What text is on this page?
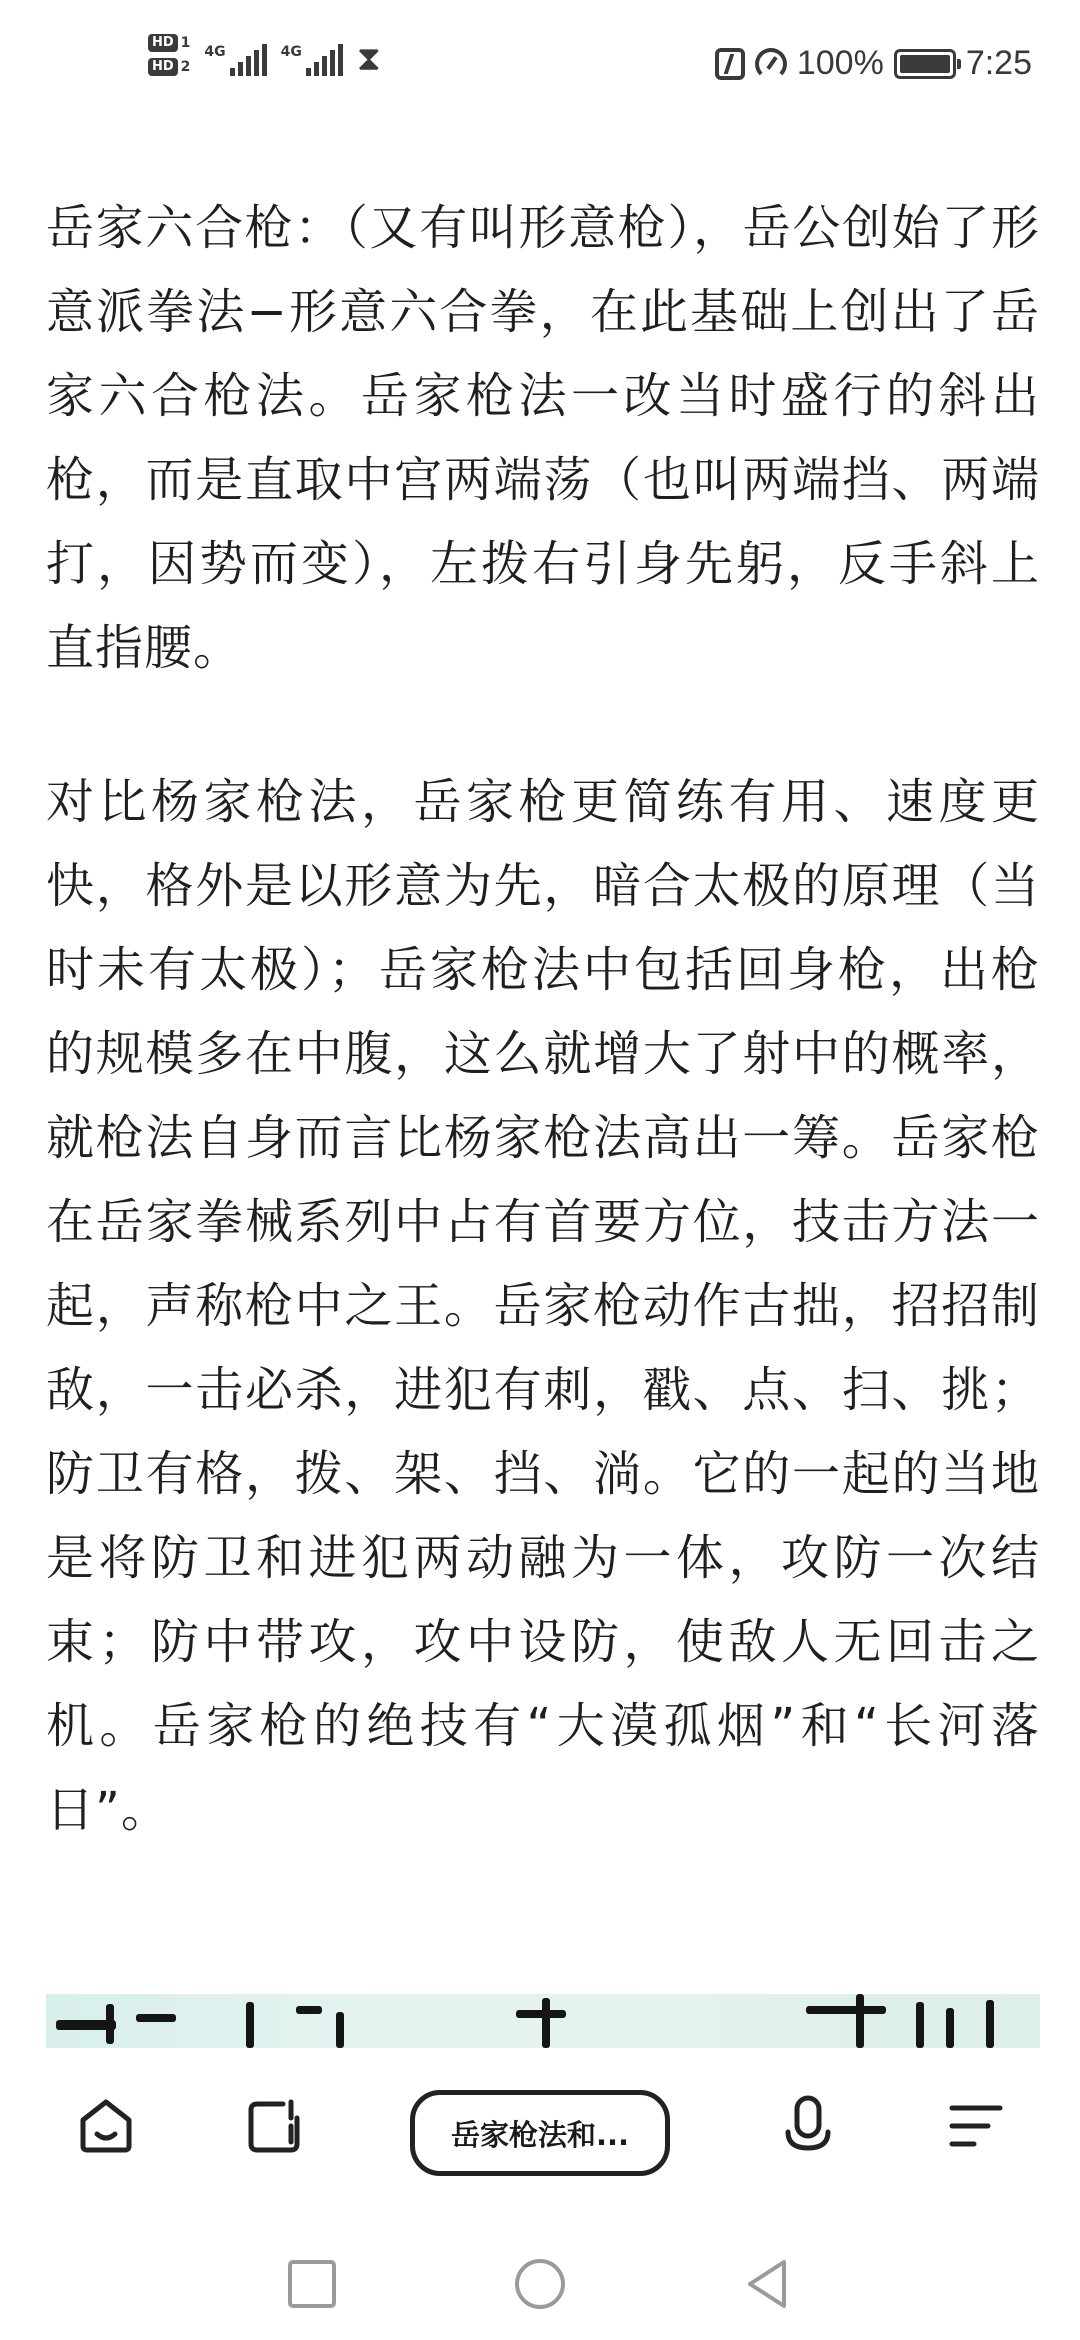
HD 1
HD 2
4G	4G ⧗	100% 7:25

岳家六合枪：（又有叫形意枪），岳公创始了形意派拳法−形意六合拳，在此基础上创出了岳家六合枪法。岳家枪法一改当时盛行的斜出枪，而是直取中宫两端荡（也叫两端挡、两端打，因势而变），左拨右引身先躬，反手斜上直指腰。

对比杨家枪法，岳家枪更简练有用、速度更快，格外是以形意为先，暗合太极的原理（当时未有太极）；岳家枪法中包括回身枪，出枪的规模多在中腹，这么就增大了射中的概率，就枪法自身而言比杨家枪法高出一筹。岳家枪在岳家拳械系列中占有首要方位，技击方法一起，声称枪中之王。岳家枪动作古拙，招招制敌，一击必杀，进犯有刺，戳、点、扫、挑；防卫有格，拨、架、挡、淌。它的一起的当地是将防卫和进犯两动融为一体，攻防一次结束；防中带攻，攻中设防，使敌人无回击之机。岳家枪的绝技有“大漠孤烟”和“长河落日”。

岳家枪法和...
